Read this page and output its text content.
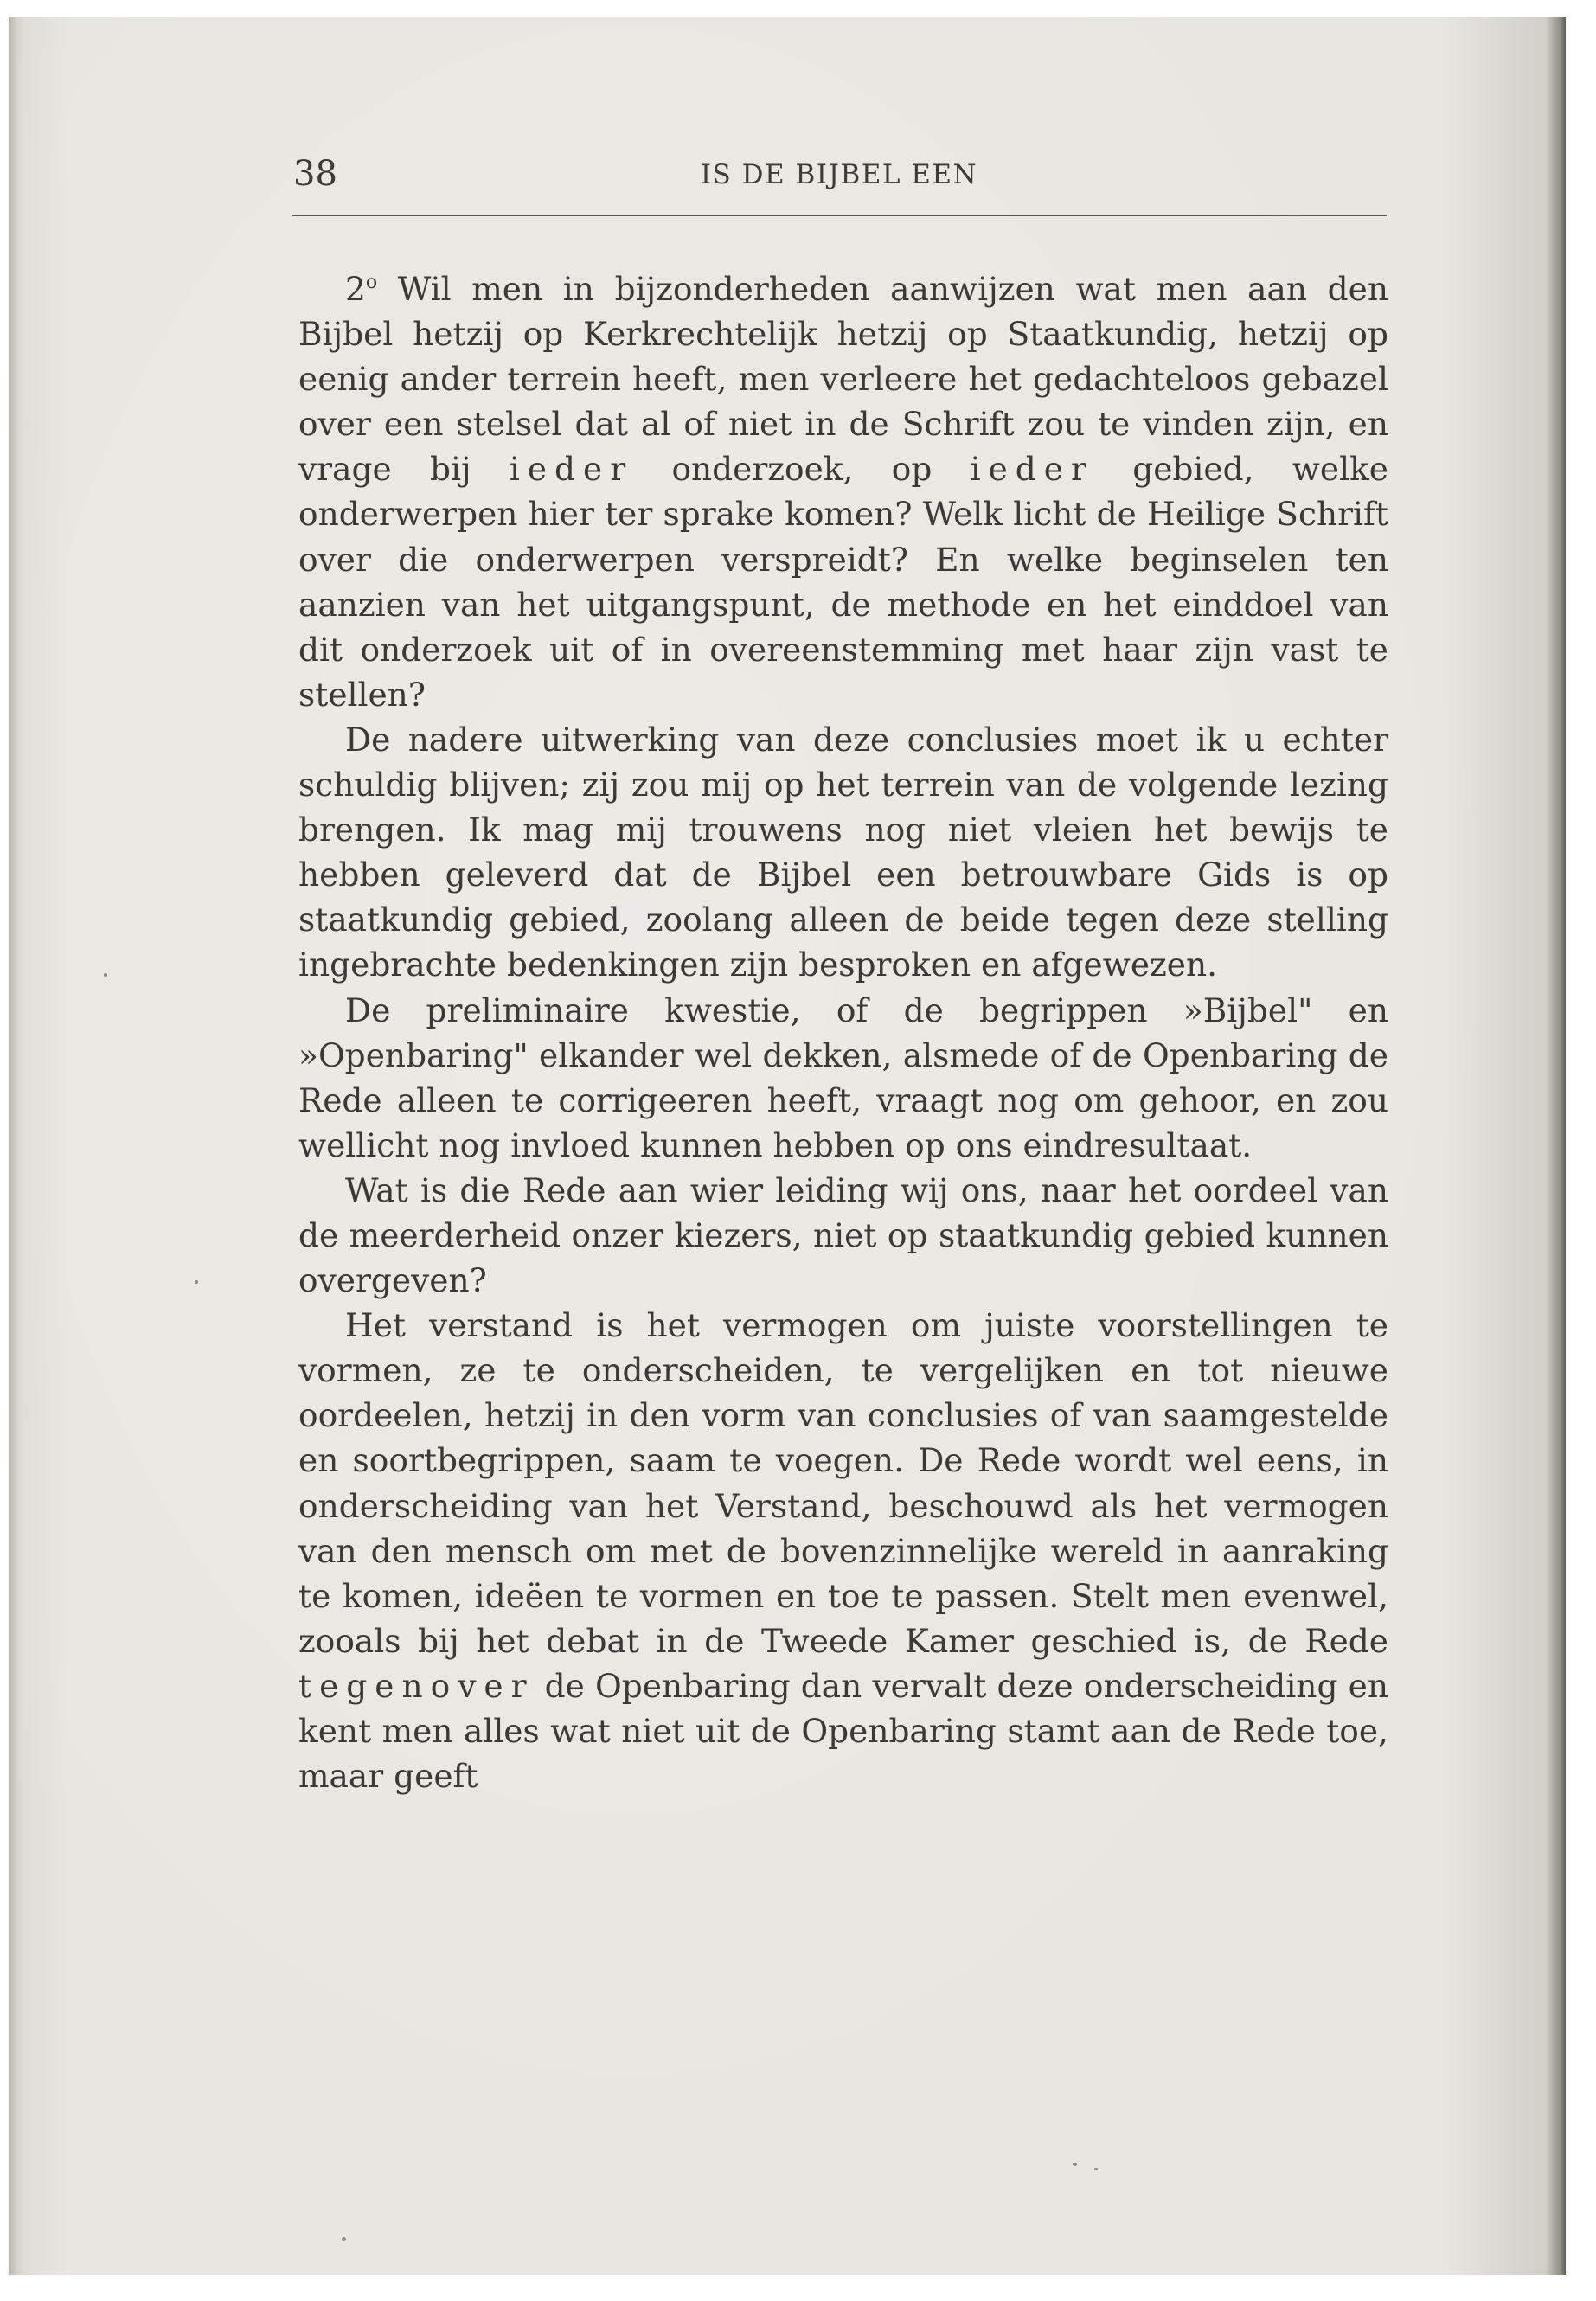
38	IS DE BIJBEL EEN

2$^o$ Wil men in bijzonderheden aanwijzen wat men aan den Bijbel hetzij op Kerkrechtelijk hetzij op Staatkundig, hetzij op eenig ander terrein heeft, men verleere het gedachteloos gebazel over een stelsel dat al of niet in de Schrift zou te vinden zijn, en vrage bij ieder onderzoek, op ieder gebied, welke onderwerpen hier ter sprake komen? Welk licht de Heilige Schrift over die onderwerpen verspreidt? En welke beginselen ten aanzien van het uitgangspunt, de methode en het einddoel van dit onderzoek uit of in overeenstemming met haar zijn vast te stellen?

De nadere uitwerking van deze conclusies moet ik u echter schuldig blijven; zij zou mij op het terrein van de volgende lezing brengen. Ik mag mij trouwens nog niet vleien het bewijs te hebben geleverd dat de Bijbel een betrouwbare Gids is op staatkundig gebied, zoolang alleen de beide tegen deze stelling ingebrachte bedenkingen zijn besproken en afgewezen.

De preliminaire kwestie, of de begrippen »Bijbel" en »Openbaring" elkander wel dekken, alsmede of de Openbaring de Rede alleen te corrigeeren heeft, vraagt nog om gehoor, en zou wellicht nog invloed kunnen hebben op ons eindresultaat.

Wat is die Rede aan wier leiding wij ons, naar het oordeel van de meerderheid onzer kiezers, niet op staatkundig gebied kunnen overgeven?

Het verstand is het vermogen om juiste voorstellingen te vormen, ze te onderscheiden, te vergelijken en tot nieuwe oordeelen, hetzij in den vorm van conclusies of van saamgestelde en soortbegrippen, saam te voegen. De Rede wordt wel eens, in onderscheiding van het Verstand, beschouwd als het vermogen van den mensch om met de bovenzinnelijke wereld in aanraking te komen, ideëen te vormen en toe te passen. Stelt men evenwel, zooals bij het debat in de Tweede Kamer geschied is, de Rede tegenover de Openbaring dan vervalt deze onderscheiding en kent men alles wat niet uit de Openbaring stamt aan de Rede toe, maar geeft
